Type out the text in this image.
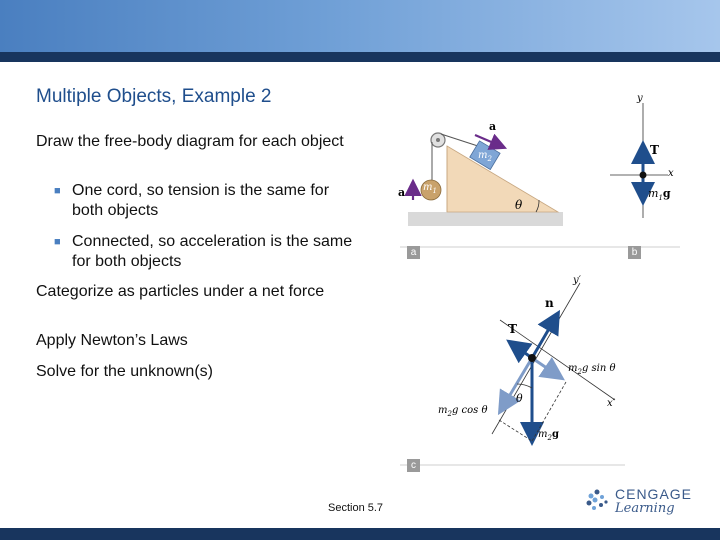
Multiple Objects, Example 2
Draw the free-body diagram for each object
■ One cord, so tension is the same for both objects
■ Connected, so acceleration is the same for both objects
Categorize as particles under a net force
Apply Newton’s Laws
Solve for the unknown(s)
$m_2$
$m_1$
a
a
θ
y
x
T
$m_1g$
y′
x′
n
T
$m_2g$ sin θ
$m_2g$ cos θ
θ
$m_2g$
a	b
c
Section 5.7
CENGAGE
Learning
